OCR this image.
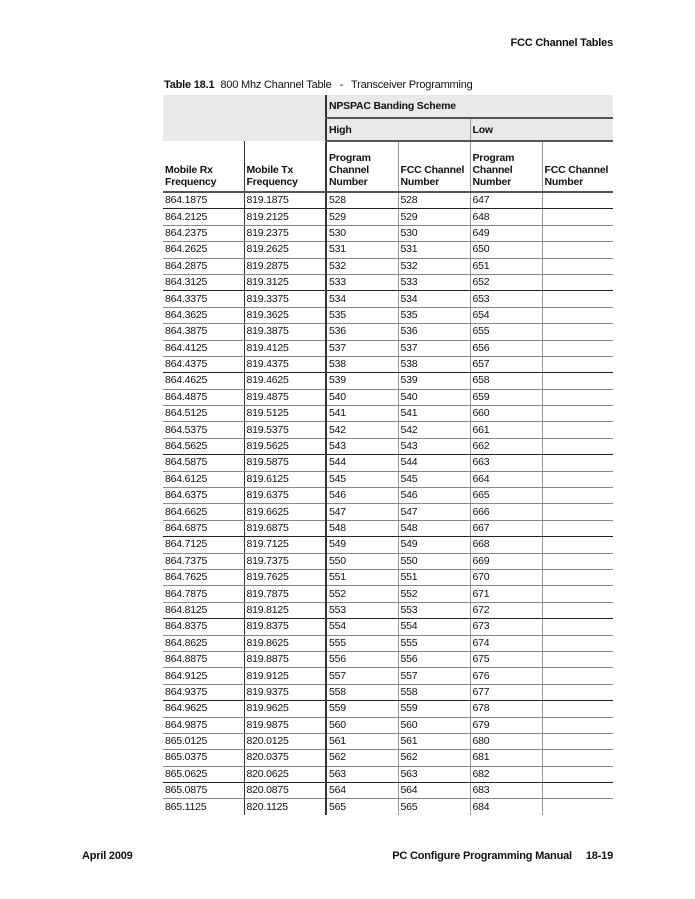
FCC Channel Tables
Table 18.1 800 Mhz Channel Table - Transceiver Programming
		NPSPAC Banding Scheme			
		High		Low	
Mobile Rx Frequency	Mobile Tx Frequency	Program Channel Number	FCC Channel Number	Program Channel Number	FCC Channel Number
864.1875	819.1875	528	528	647	
864.2125	819.2125	529	529	648	
864.2375	819.2375	530	530	649	
864.2625	819.2625	531	531	650	
864.2875	819.2875	532	532	651	
864.3125	819.3125	533	533	652	
864.3375	819.3375	534	534	653	
864.3625	819.3625	535	535	654	
864.3875	819.3875	536	536	655	
864.4125	819.4125	537	537	656	
864.4375	819.4375	538	538	657	
864.4625	819.4625	539	539	658	
864.4875	819.4875	540	540	659	
864.5125	819.5125	541	541	660	
864.5375	819.5375	542	542	661	
864.5625	819.5625	543	543	662	
864.5875	819.5875	544	544	663	
864.6125	819.6125	545	545	664	
864.6375	819.6375	546	546	665	
864.6625	819.6625	547	547	666	
864.6875	819.6875	548	548	667	
864.7125	819.7125	549	549	668	
864.7375	819.7375	550	550	669	
864.7625	819.7625	551	551	670	
864.7875	819.7875	552	552	671	
864.8125	819.8125	553	553	672	
864.8375	819.8375	554	554	673	
864.8625	819.8625	555	555	674	
864.8875	819.8875	556	556	675	
864.9125	819.9125	557	557	676	
864.9375	819.9375	558	558	677	
864.9625	819.9625	559	559	678	
864.9875	819.9875	560	560	679	
865.0125	820.0125	561	561	680	
865.0375	820.0375	562	562	681	
865.0625	820.0625	563	563	682	
865.0875	820.0875	564	564	683	
865.1125	820.1125	565	565	684	
April 2009	PC Configure Programming Manual 18-19
